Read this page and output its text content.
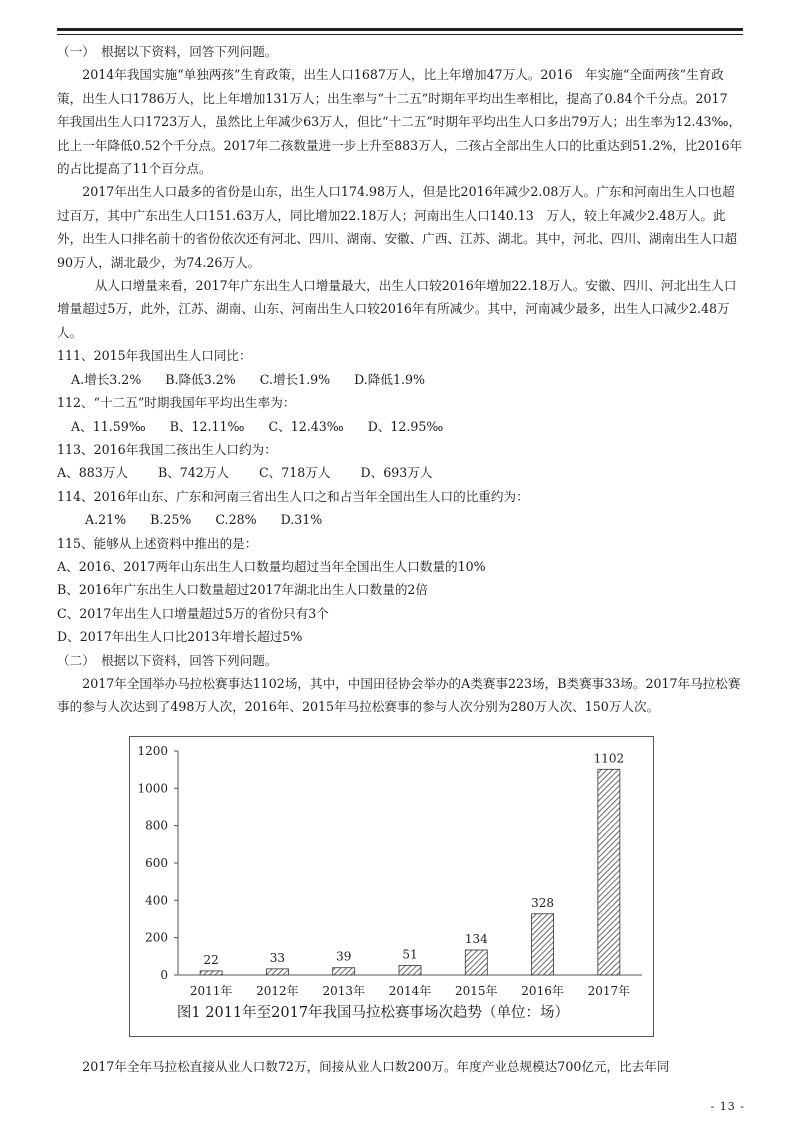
（一）　根据以下资料，回答下列问题。

2014年我国实施“单独两孩”生育政策，出生人口1687万人，比上年增加47万人。2016　年实施“全面两孩”生育政策，出生人口1786万人，比上年增加131万人；出生率与“十二五”时期年平均出生率相比，提高了0.84个千分点。2017　年我国出生人口1723万人，虽然比上年减少63万人，但比“十二五”时期年平均出生人口多出79万人；出生率为12.43‰，比上一年降低0.52个千分点。2017年二孩数量进一步上升至883万人，二孩占全部出生人口的比重达到51.2%，比2016年的占比提高了11个百分点。

2017年出生人口最多的省份是山东，出生人口174.98万人，但是比2016年减少2.08万人。广东和河南出生人口也超过百万，其中广东出生人口151.63万人，同比增加22.18万人；河南出生人口140.13　万人，较上年减少2.48万人。此外，出生人口排名前十的省份依次还有河北、四川、湖南、安徽、广西、江苏、湖北。其中，河北、四川、湖南出生人口超90万人，湖北最少，为74.26万人。

从人口增量来看，2017年广东出生人口增量最大，出生人口较2016年增加22.18万人。安徽、四川、河北出生人口增量超过5万，此外，江苏、湖南、山东、河南出生人口较2016年有所减少。其中，河南减少最多，出生人口减少2.48万人。

111、2015年我国出生人口同比：

A.增长3.2% B.降低3.2% C.增长1.9% D.降低1.9%

112、“十二五”时期我国年平均出生率为：

A、11.59‰ B、12.11‰ C、12.43‰ D、12.95‰

113、2016年我国二孩出生人口约为：

A、883万人 B、742万人 C、718万人 D、693万人

114、2016年山东、广东和河南三省出生人口之和占当年全国出生人口的比重约为：

A.21% B.25% C.28% D.31%

115、能够从上述资料中推出的是：

A、2016、2017两年山东出生人口数量均超过当年全国出生人口数量的10%

B、2016年广东出生人口数量超过2017年湖北出生人口数量的2倍

C、2017年出生人口增量超过5万的省份只有3个

D、2017年出生人口比2013年增长超过5%

（二）　根据以下资料，回答下列问题。

2017年全国举办马拉松赛事达1102场，其中，中国田径协会举办的A类赛事223场，B类赛事33场。2017年马拉松赛事的参与人次达到了498万人次，2016年、2015年马拉松赛事的参与人次分别为280万人次、150万人次。

0
200
400
600
800
1000
1200
22	33	39	51
134
328
1102
2011年 2012年 2013年 2014年 2015年 2016年 2017年
图1 2011年至2017年我国马拉松赛事场次趋势（单位：场）

2017年全年马拉松直接从业人口数72万，间接从业人口数200万。年度产业总规模达700亿元，比去年同

- 13 -
